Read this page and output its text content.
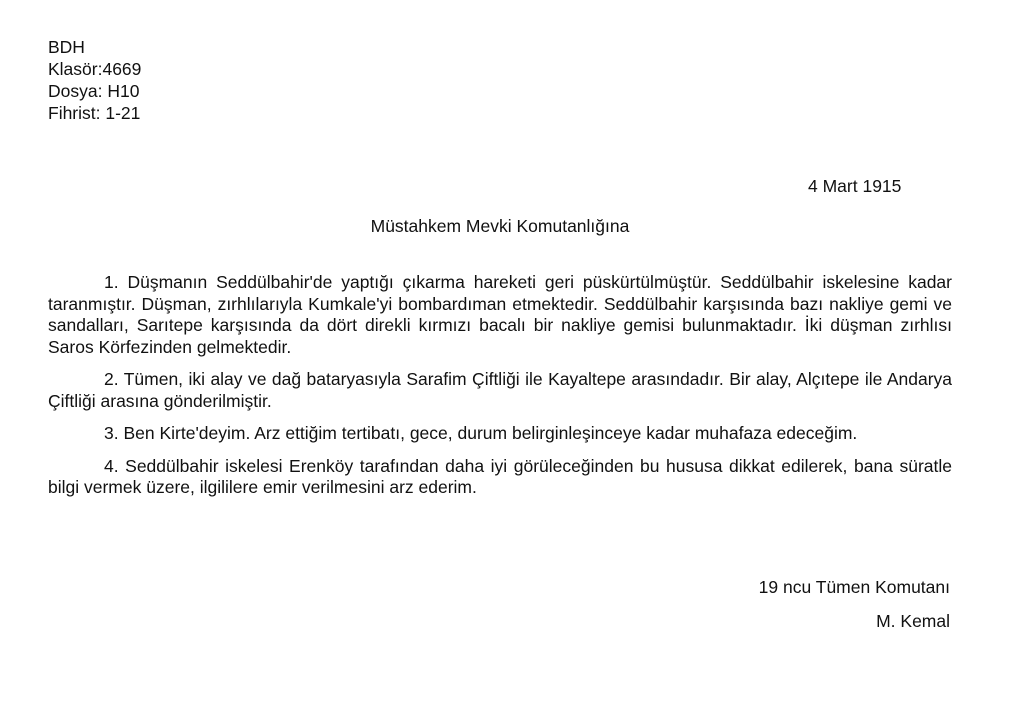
BDH
Klasör:4669
Dosya: H10
Fihrist: 1-21
4 Mart 1915
Müstahkem Mevki Komutanlığına

1. Düşmanın Seddülbahir'de yaptığı çıkarma hareketi geri püskürtülmüştür. Seddülbahir iskelesine kadar taranmıştır. Düşman, zırhlılarıyla Kumkale'yi bombardıman etmektedir. Seddülbahir karşısında bazı nakliye gemi ve sandalları, Sarıtepe karşısında da dört direkli kırmızı bacalı bir nakliye gemisi bulunmaktadır. İki düşman zırhlısı Saros Körfezinden gelmektedir.

2. Tümen, iki alay ve dağ bataryasıyla Sarafim Çiftliği ile Kayaltepe arasındadır. Bir alay, Alçıtepe ile Andarya Çiftliği arasına gönderilmiştir.

3. Ben Kirte'deyim. Arz ettiğim tertibatı, gece, durum belirginleşinceye kadar muhafaza edeceğim.

4. Seddülbahir iskelesi Erenköy tarafından daha iyi görüleceğinden bu hususa dikkat edilerek, bana süratle bilgi vermek üzere, ilgililere emir verilmesini arz ederim.

19 ncu Tümen Komutanı
M. Kemal
